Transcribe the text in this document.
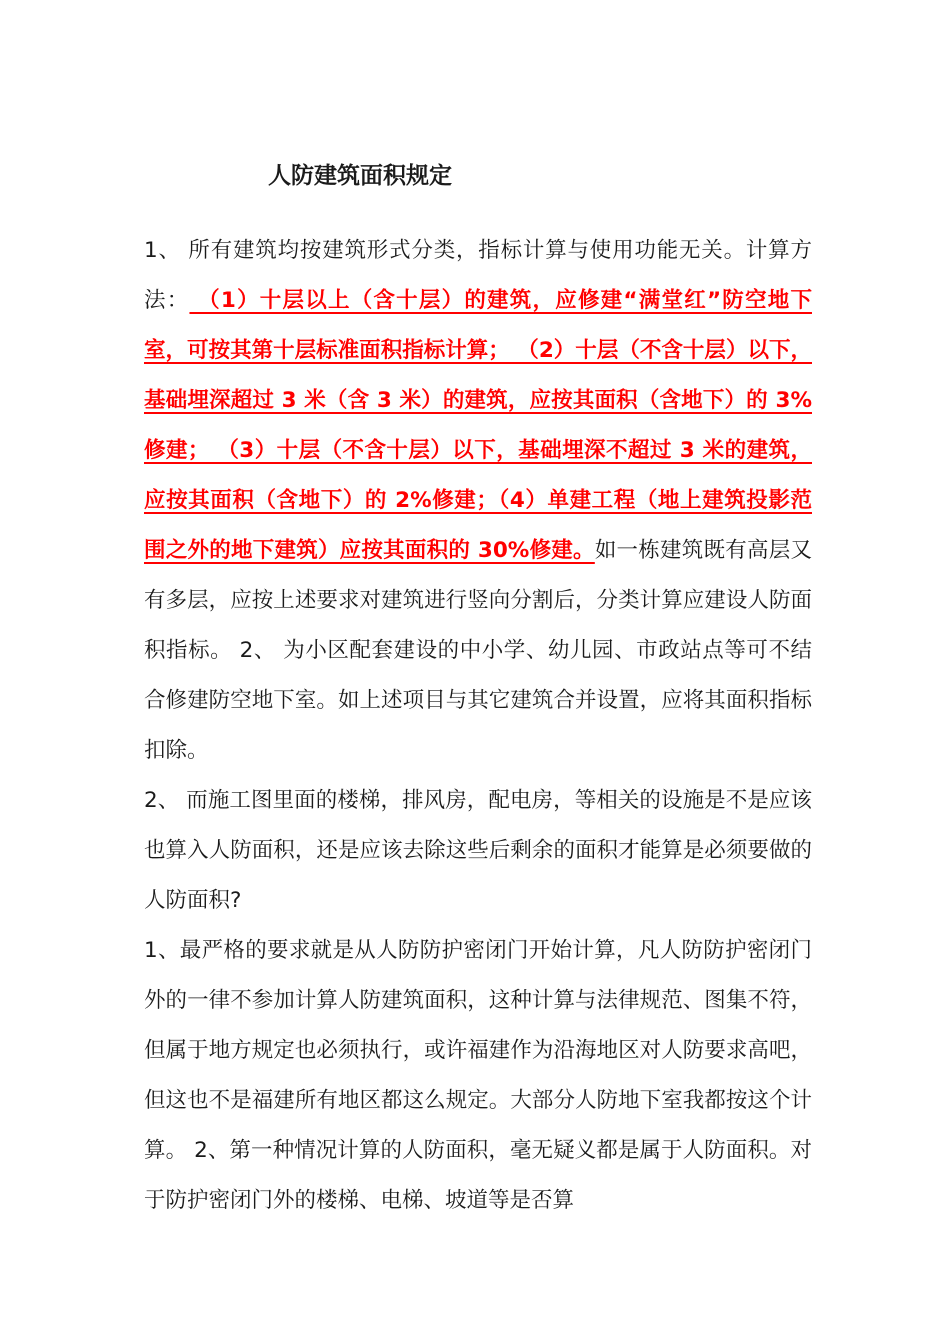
人防建筑面积规定

1、 所有建筑均按建筑形式分类，指标计算与使用功能无关。计算方法： （1）十层以上（含十层）的建筑，应修建“满堂红”防空地下室，可按其第十层标准面积指标计算； （2）十层（不含十层）以下，基础埋深超过 3 米（含 3 米）的建筑，应按其面积（含地下）的 3%修建； （3）十层（不含十层）以下，基础埋深不超过 3 米的建筑，应按其面积（含地下）的 2%修建；（4）单建工程（地上建筑投影范围之外的地下建筑）应按其面积的 30%修建。如一栋建筑既有高层又有多层，应按上述要求对建筑进行竖向分割后，分类计算应建设人防面积指标。 2、 为小区配套建设的中小学、幼儿园、市政站点等可不结合修建防空地下室。如上述项目与其它建筑合并设置，应将其面积指标扣除。

2、 而施工图里面的楼梯，排风房，配电房，等相关的设施是不是应该也算入人防面积，还是应该去除这些后剩余的面积才能算是必须要做的人防面积?

1、最严格的要求就是从人防防护密闭门开始计算，凡人防防护密闭门外的一律不参加计算人防建筑面积，这种计算与法律规范、图集不符，但属于地方规定也必须执行，或许福建作为沿海地区对人防要求高吧，但这也不是福建所有地区都这么规定。大部分人防地下室我都按这个计算。 2、第一种情况计算的人防面积，毫无疑义都是属于人防面积。对于防护密闭门外的楼梯、电梯、坡道等是否算
